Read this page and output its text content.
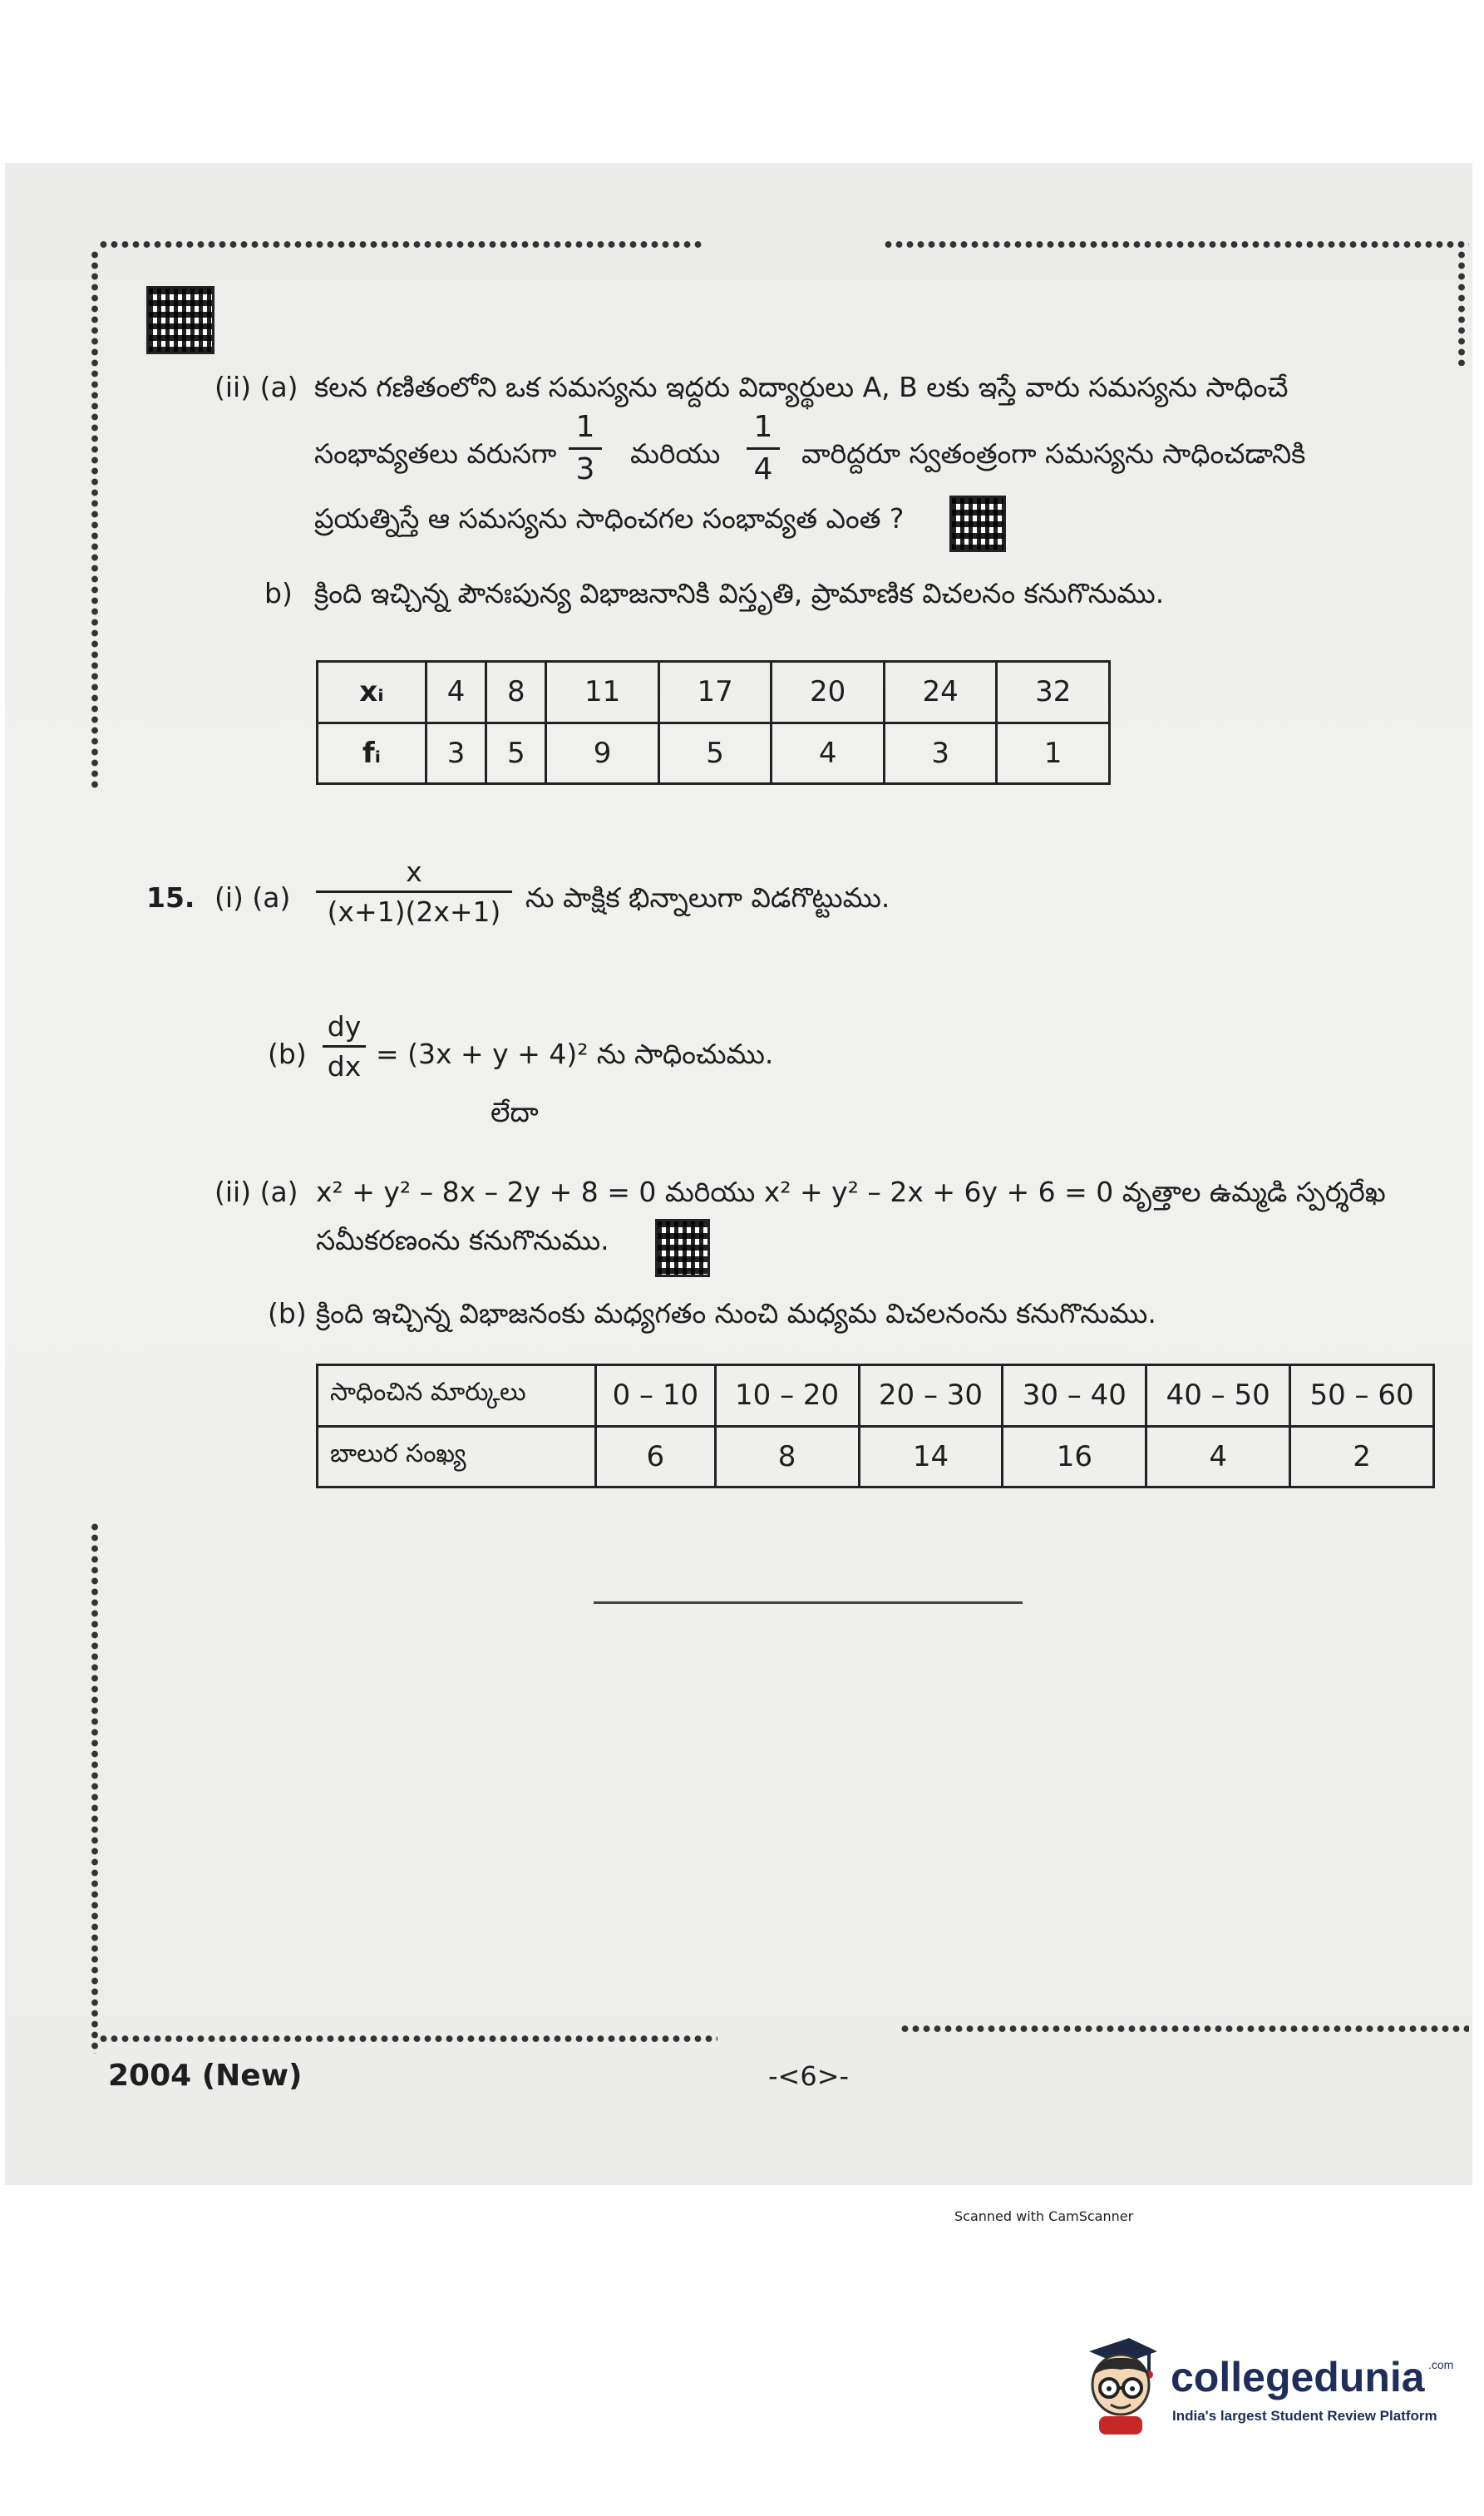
(ii) (a) కలన గణితంలోని ఒక సమస్యను ఇద్దరు విద్యార్థులు A, B లకు ఇస్తే వారు సమస్యను సాధించే
సంభావ్యతలు వరుసగా
1
3 మరియు
1
4 వారిద్దరూ స్వతంత్రంగా సమస్యను సాధించడానికి
ప్రయత్నిస్తే ఆ సమస్యను సాధించగల సంభావ్యత ఎంత ?
b) క్రింది ఇచ్చిన్న పౌనఃపున్య విభాజనానికి విస్తృతి, ప్రామాణిక విచలనం కనుగొనుము.
xᵢ	4	8	11	17	20	24	32
fᵢ	3	5	9	5	4	3	1
15. (i) (a)
x
(x+1)(2x+1) ను పాక్షిక భిన్నాలుగా విడగొట్టుము.
(b)
dy
dx = (3x + y + 4)² ను సాధించుము.
లేదా
(ii) (a) x² + y² – 8x – 2y + 8 = 0 మరియు x² + y² – 2x + 6y + 6 = 0 వృత్తాల ఉమ్మడి స్పర్శరేఖ
సమీకరణంను కనుగొనుము.
(b) క్రింది ఇచ్చిన్న విభాజనంకు మధ్యగతం నుంచి మధ్యమ విచలనంను కనుగొనుము.
సాధించిన మార్కులు	0 – 10	10 – 20	20 – 30	30 – 40	40 – 50	50 – 60
బాలుర సంఖ్య	6	8	14	16	4	2
2004 (New)	-<6>-
Scanned with CamScanner
collegedunia .com
India's largest Student Review Platform
